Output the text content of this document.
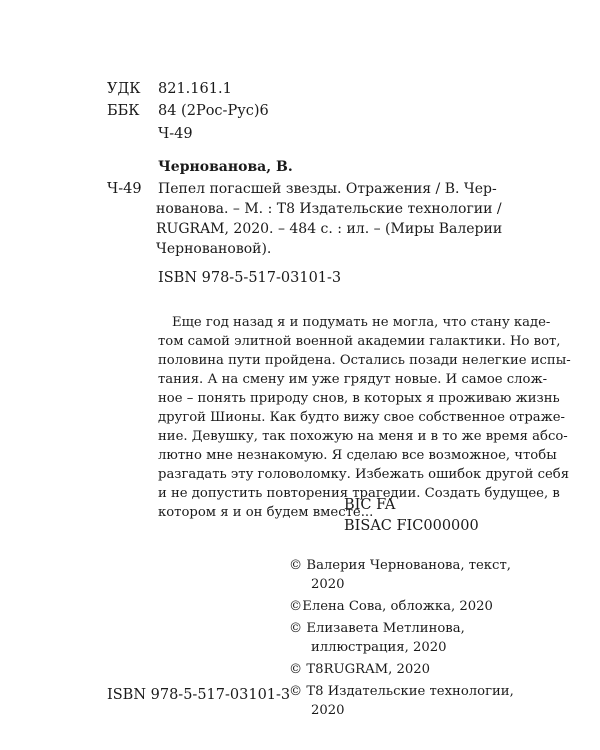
УДК 821.161.1
ББК 84 (2Рос-Рус)6
Ч-49
Чернованова, В.
Ч-49 Пепел погасшей звезды. Отражения / В. Чер-
нованова. – М. : Т8 Издательские технологии /
RUGRAM, 2020. – 484 с. : ил. – (Миры Валерии
Черновановой).
ISBN 978-5-517-03101-3
Еще год назад я и подумать не могла, что стану каде-
том самой элитной военной академии галактики. Но вот,
половина пути пройдена. Остались позади нелегкие испы-
тания. А на смену им уже грядут новые. И самое слож-
ное – понять природу снов, в которых я проживаю жизнь
другой Шионы. Как будто вижу свое собственное отраже-
ние. Девушку, так похожую на меня и в то же время абсо-
лютно мне незнакомую. Я сделаю все возможное, чтобы
разгадать эту головоломку. Избежать ошибок другой себя
и не допустить повторения трагедии. Создать будущее, в
котором я и он будем вместе...
BIC FA
BISAC FIC000000
© Валерия Чернованова, текст,
2020
©Елена Сова, обложка, 2020
© Елизавета Метлинова,
иллюстрация, 2020
© T8RUGRAM, 2020
© Т8 Издательские технологии,
2020
ISBN 978-5-517-03101-3
